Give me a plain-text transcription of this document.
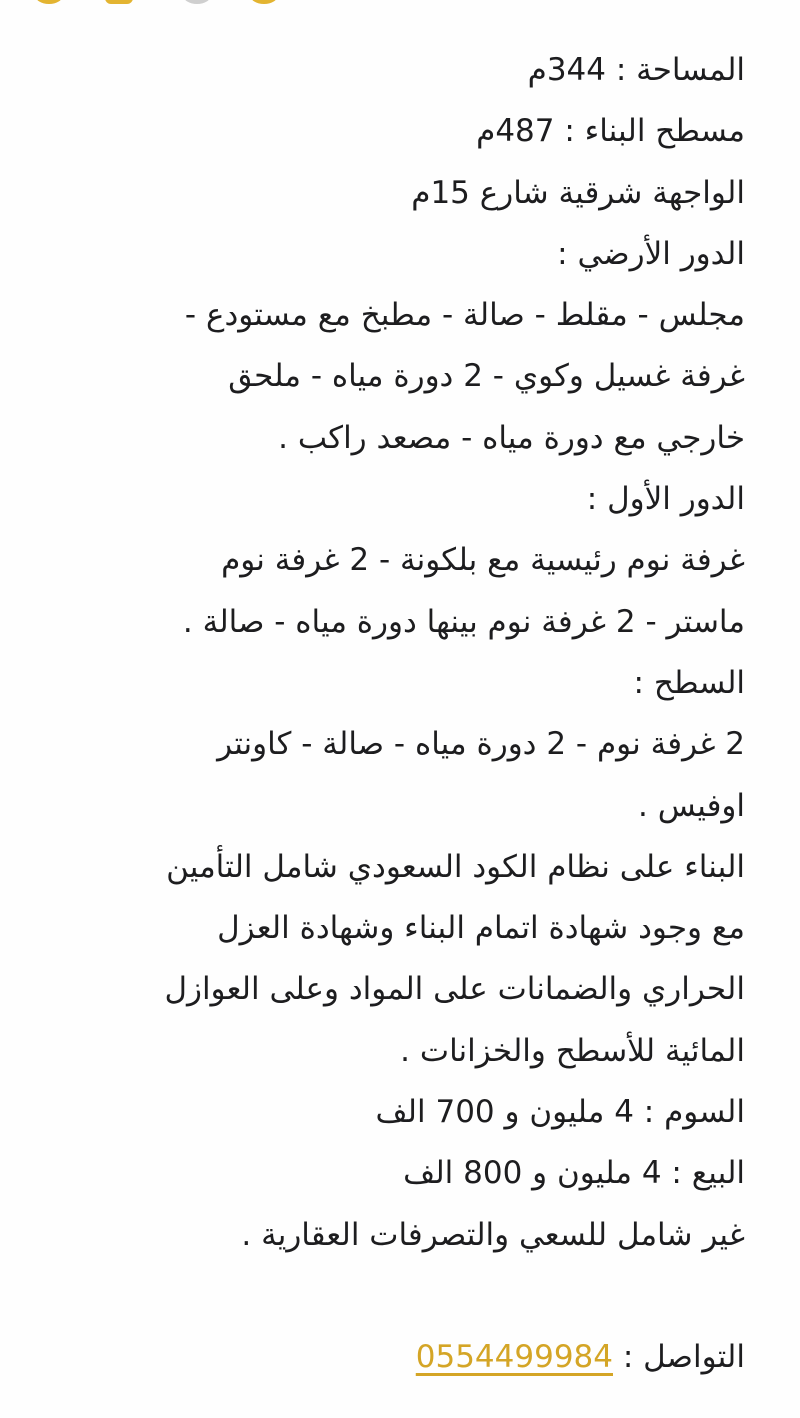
المساحة : 344م
مسطح البناء : 487م
الواجهة شرقية شارع 15م
الدور الأرضي :
مجلس - مقلط - صالة - مطبخ مع مستودع -
غرفة غسيل وكوي - 2 دورة مياه - ملحق
خارجي مع دورة مياه - مصعد راكب .
الدور الأول :
غرفة نوم رئيسية مع بلكونة - 2 غرفة نوم
ماستر - 2 غرفة نوم بينها دورة مياه - صالة .
السطح :
2 غرفة نوم - 2 دورة مياه - صالة - كاونتر
اوفيس .
البناء على نظام الكود السعودي شامل التأمين
مع وجود شهادة اتمام البناء وشهادة العزل
الحراري والضمانات على المواد وعلى العوازل
المائية للأسطح والخزانات .
السوم : 4 مليون و 700 الف
البيع : 4 مليون و 800 الف
غير شامل للسعي والتصرفات العقارية .
التواصل : 0554499984
